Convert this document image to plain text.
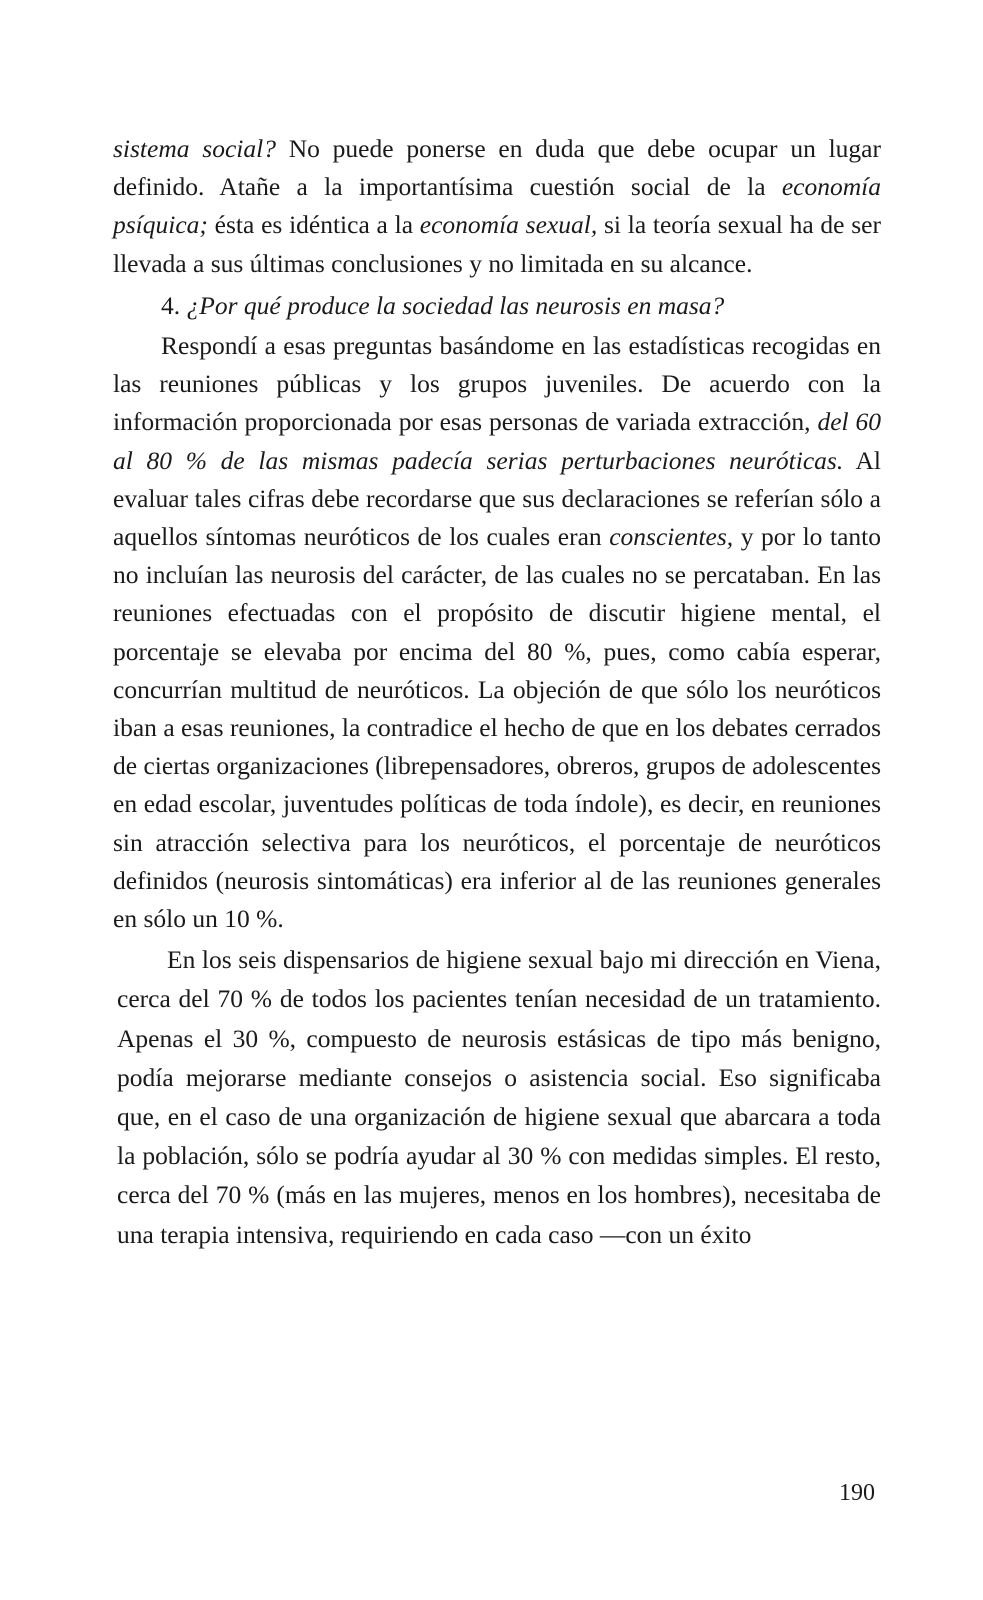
sistema social? No puede ponerse en duda que debe ocupar un lugar definido. Atañe a la importantísima cuestión social de la economía psíquica; ésta es idéntica a la economía sexual, si la teoría sexual ha de ser llevada a sus últimas conclusiones y no limitada en su alcance.

4. ¿Por qué produce la sociedad las neurosis en masa?

Respondí a esas preguntas basándome en las estadísticas recogidas en las reuniones públicas y los grupos juveniles. De acuerdo con la información proporcionada por esas personas de variada extracción, del 60 al 80 % de las mismas padecía serias perturbaciones neuróticas. Al evaluar tales cifras debe recordarse que sus declaraciones se referían sólo a aquellos síntomas neuróticos de los cuales eran conscientes, y por lo tanto no incluían las neurosis del carácter, de las cuales no se percataban. En las reuniones efectuadas con el propósito de discutir higiene mental, el porcentaje se elevaba por encima del 80 %, pues, como cabía esperar, concurrían multitud de neuróticos. La objeción de que sólo los neuróticos iban a esas reuniones, la contradice el hecho de que en los debates cerrados de ciertas organizaciones (librepensadores, obreros, grupos de adolescentes en edad escolar, juventudes políticas de toda índole), es decir, en reuniones sin atracción selectiva para los neuróticos, el porcentaje de neuróticos definidos (neurosis sintomáticas) era inferior al de las reuniones generales en sólo un 10 %.

En los seis dispensarios de higiene sexual bajo mi dirección en Viena, cerca del 70 % de todos los pacientes tenían necesidad de un tratamiento. Apenas el 30 %, compuesto de neurosis estásicas de tipo más benigno, podía mejorarse mediante consejos o asistencia social. Eso significaba que, en el caso de una organización de higiene sexual que abarcara a toda la población, sólo se podría ayudar al 30 % con medidas simples. El resto, cerca del 70 % (más en las mujeres, menos en los hombres), necesitaba de una terapia intensiva, requiriendo en cada caso —con un éxito

190
